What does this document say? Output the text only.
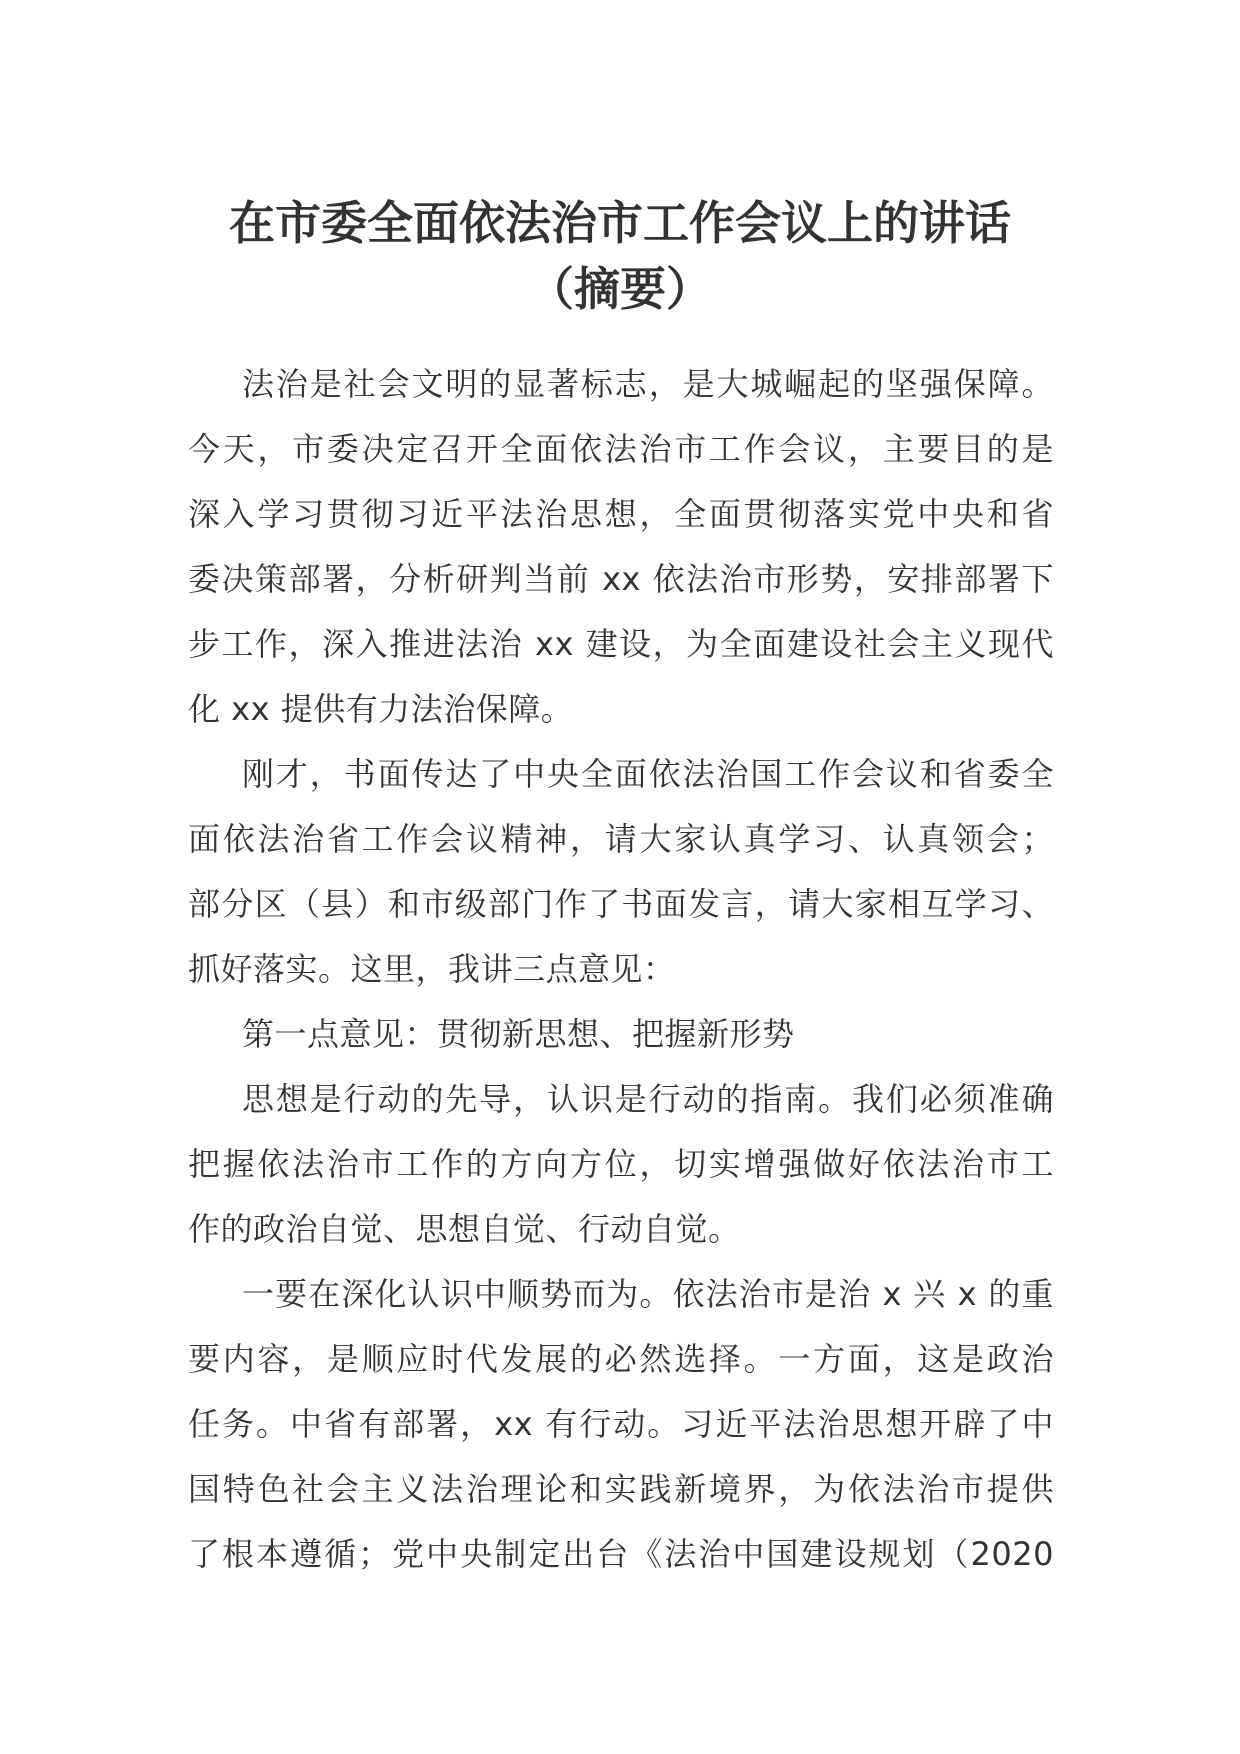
在市委全面依法治市工作会议上的讲话
（摘要）

法治是社会文明的显著标志，是大城崛起的坚强保障。
今天，市委决定召开全面依法治市工作会议，主要目的是
深入学习贯彻习近平法治思想，全面贯彻落实党中央和省
委决策部署，分析研判当前 xx 依法治市形势，安排部署下
步工作，深入推进法治 xx 建设，为全面建设社会主义现代
化 xx 提供有力法治保障。

刚才，书面传达了中央全面依法治国工作会议和省委全
面依法治省工作会议精神，请大家认真学习、认真领会；
部分区（县）和市级部门作了书面发言，请大家相互学习、
抓好落实。这里，我讲三点意见：

第一点意见：贯彻新思想、把握新形势

思想是行动的先导，认识是行动的指南。我们必须准确
把握依法治市工作的方向方位，切实增强做好依法治市工
作的政治自觉、思想自觉、行动自觉。

一要在深化认识中顺势而为。依法治市是治 x 兴 x 的重
要内容，是顺应时代发展的必然选择。一方面，这是政治
任务。中省有部署，xx 有行动。习近平法治思想开辟了中
国特色社会主义法治理论和实践新境界，为依法治市提供
了根本遵循；党中央制定出台《法治中国建设规划（2020
